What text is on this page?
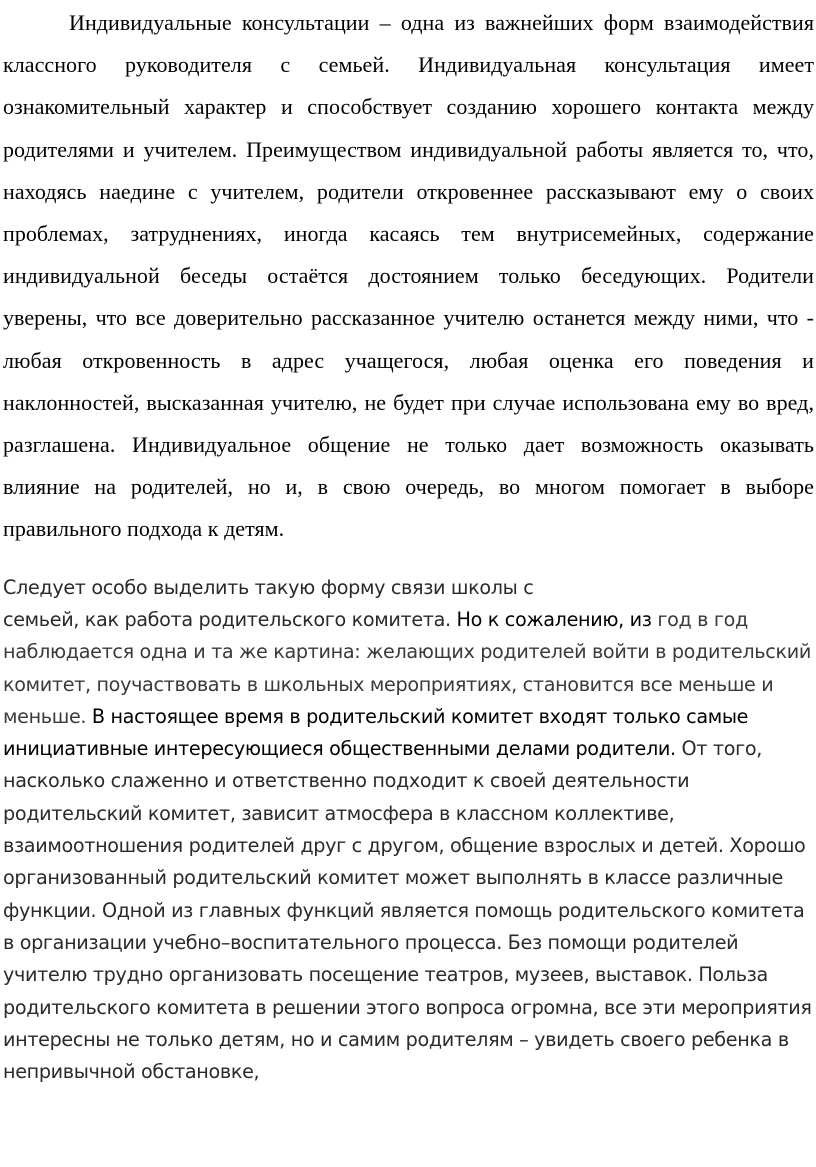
Индивидуальные консультации – одна из важнейших форм взаимодействия классного руководителя с семьей. Индивидуальная консультация имеет ознакомительный характер и способствует созданию хорошего контакта между родителями и учителем. Преимуществом индивидуальной работы является то, что, находясь наедине с учителем, родители откровеннее рассказывают ему о своих проблемах, затруднениях, иногда касаясь тем внутрисемейных, содержание индивидуальной беседы остаётся достоянием только беседующих. Родители уверены, что все доверительно рассказанное учителю останется между ними, что - любая откровенность в адрес учащегося, любая оценка его поведения и наклонностей, высказанная учителю, не будет при случае использована ему во вред, разглашена. Индивидуальное общение не только дает возможность оказывать влияние на родителей, но и, в свою очередь, во многом помогает в выборе правильного подхода к детям.

Следует особо выделить такую форму связи школы с
семьей, как работа родительского комитета. Но к сожалению, из год в год наблюдается одна и та же картина: желающих родителей войти в родительский комитет, поучаствовать в школьных мероприятиях, становится все меньше и меньше. В настоящее время в родительский комитет входят только самые инициативные интересующиеся общественными делами родители. От того, насколько слаженно и ответственно подходит к своей деятельности родительский комитет, зависит атмосфера в классном коллективе, взаимоотношения родителей друг с другом, общение взрослых и детей. Хорошо организованный родительский комитет может выполнять в классе различные функции. Одной из главных функций является помощь родительского комитета в организации учебно–воспитательного процесса. Без помощи родителей учителю трудно организовать посещение театров, музеев, выставок. Польза родительского комитета в решении этого вопроса огромна, все эти мероприятия интересны не только детям, но и самим родителям – увидеть своего ребенка в непривычной обстановке,
